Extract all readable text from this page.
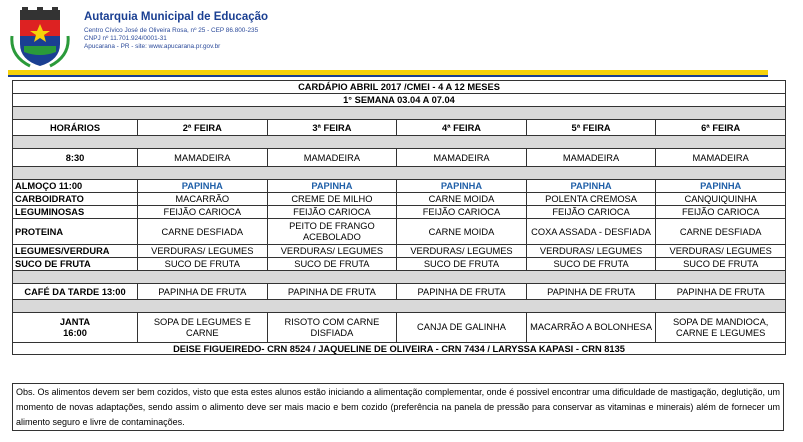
Autarquia Municipal de Educação
Centro Cívico José de Oliveira Rosa, nº 25 - CEP 86.800-235
CNPJ nº 11.701.924/0001-31
Apucarana - PR - site: www.apucarana.pr.gov.br
CARDÁPIO ABRIL 2017 /CMEI - 4 A 12 MESES					
1° SEMANA 03.04 A 07.04					

HORÁRIOS	2ª FEIRA	3ª FEIRA	4ª FEIRA	5ª FEIRA	6ª FEIRA

8:30	MAMADEIRA	MAMADEIRA	MAMADEIRA	MAMADEIRA	MAMADEIRA

ALMOÇO 11:00	PAPINHA	PAPINHA	PAPINHA	PAPINHA	PAPINHA
CARBOIDRATO	MACARRÃO	CREME DE MILHO	CARNE MOIDA	POLENTA CREMOSA	CANQUIQUINHA
LEGUMINOSAS	FEIJÃO CARIOCA	FEIJÃO CARIOCA	FEIJÃO CARIOCA	FEIJÃO CARIOCA	FEIJÃO CARIOCA
PROTEINA	CARNE DESFIADA	PEITO DE FRANGO ACEBOLADO	CARNE MOIDA	COXA ASSADA - DESFIADA	CARNE DESFIADA
LEGUMES/VERDURA	VERDURAS/ LEGUMES	VERDURAS/ LEGUMES	VERDURAS/ LEGUMES	VERDURAS/ LEGUMES	VERDURAS/ LEGUMES
SUCO DE FRUTA	SUCO DE FRUTA	SUCO DE FRUTA	SUCO DE FRUTA	SUCO DE FRUTA	SUCO DE FRUTA

CAFÉ DA TARDE 13:00	PAPINHA DE FRUTA	PAPINHA DE FRUTA	PAPINHA DE FRUTA	PAPINHA DE FRUTA	PAPINHA DE FRUTA

JANTA
16:00	SOPA DE LEGUMES E CARNE	RISOTO COM CARNE DISFIADA	CANJA DE GALINHA	MACARRÃO A BOLONHESA	SOPA DE MANDIOCA, CARNE E LEGUMES
DEISE FIGUEIREDO- CRN 8524 / JAQUELINE DE OLIVEIRA - CRN 7434 / LARYSSA KAPASI - CRN 8135					
Obs. Os alimentos devem ser bem cozidos, visto que esta estes alunos estão iniciando a alimentação complementar, onde é possivel encontrar uma dificuldade de mastigação, deglutição, um momento de novas adaptações, sendo assim o alimento deve ser mais macio e bem cozido (preferência na panela de pressão para conservar as vitaminas e minerais) além de fornecer um alimento seguro e livre de contaminações.
